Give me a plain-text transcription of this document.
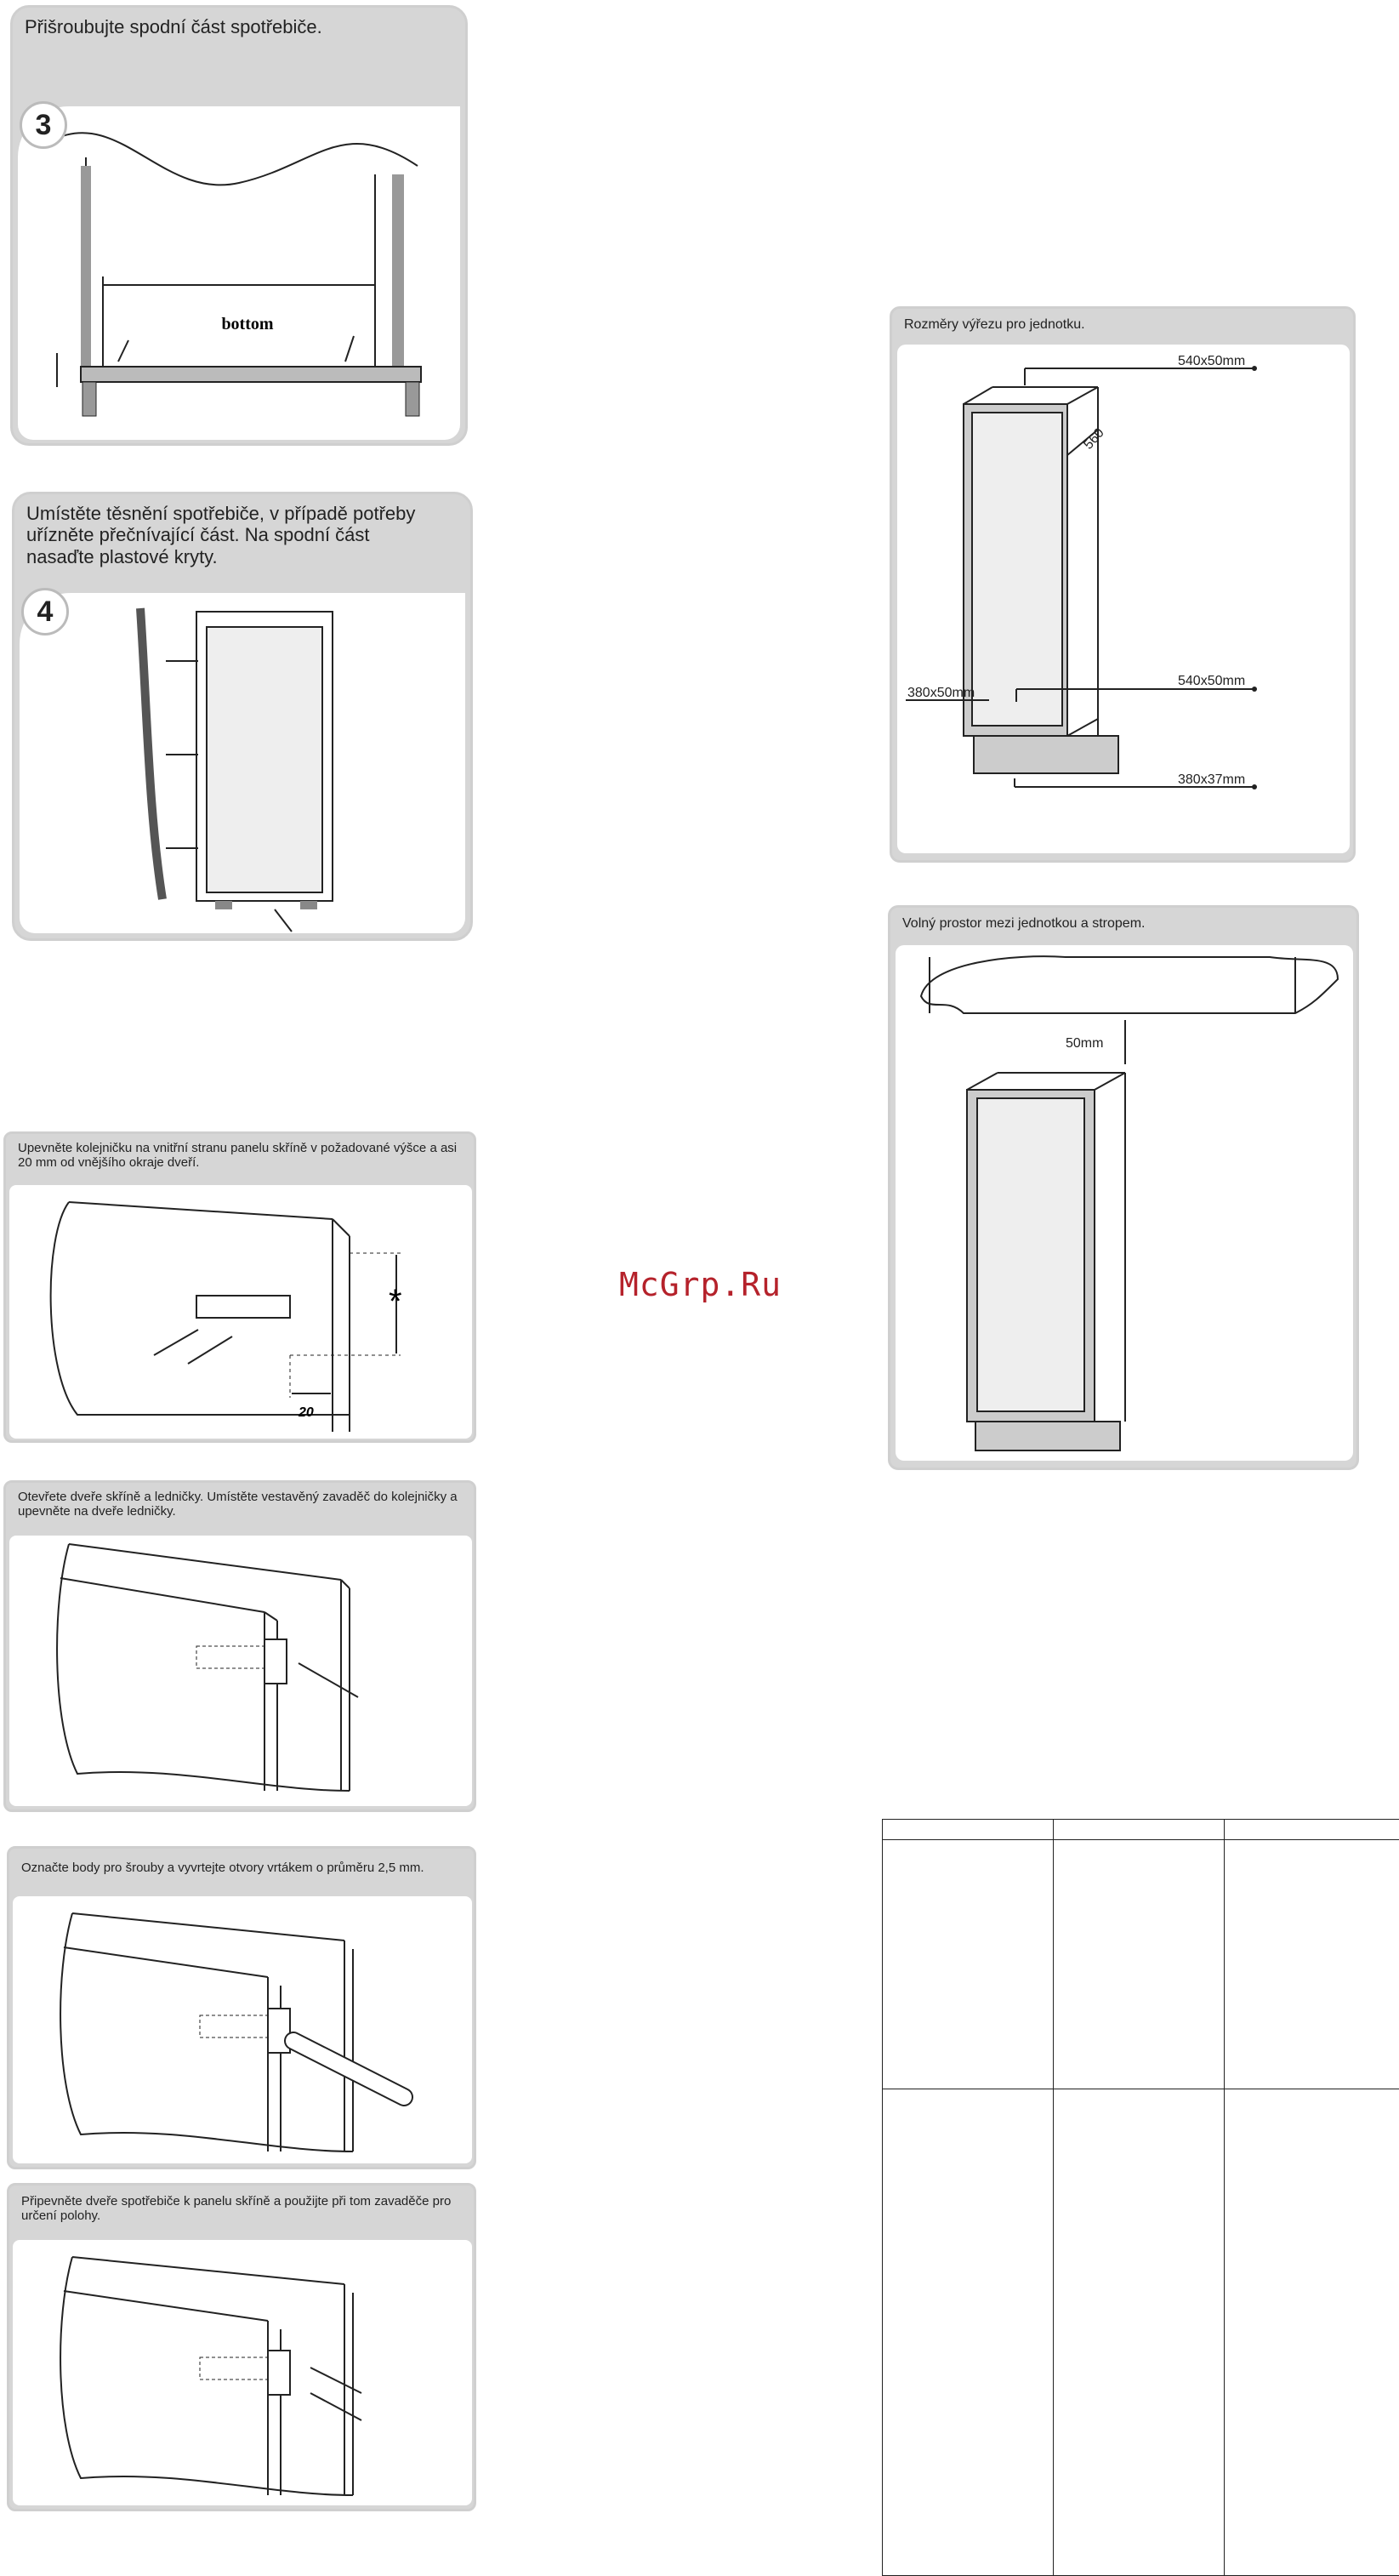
Přišroubujte spodní část spotřebiče.
bottom
3
Umístěte těsnění spotřebiče, v případě potřeby uřízněte přečnívající část. Na spodní část nasaďte plastové kryty.
4
Upevněte kolejničku na vnitřní stranu panelu skříně v požadované výšce a asi 20 mm od vnějšího okraje dveří.
*
20
Otevřete dveře skříně a ledničky. Umístěte vestavěný zavaděč do kolejničky a upevněte na dveře ledničky.
Označte body pro šrouby a vyvrtejte otvory vrtákem o průměru 2,5 mm.
Připevněte dveře spotřebiče k panelu skříně a použijte při tom zavaděče pro určení polohy.
McGrp.Ru
Rozměry výřezu pro jednotku.
540x50mm
560
540x50mm
380x50mm
380x37mm
Volný prostor mezi jednotkou a stropem.
50mm
